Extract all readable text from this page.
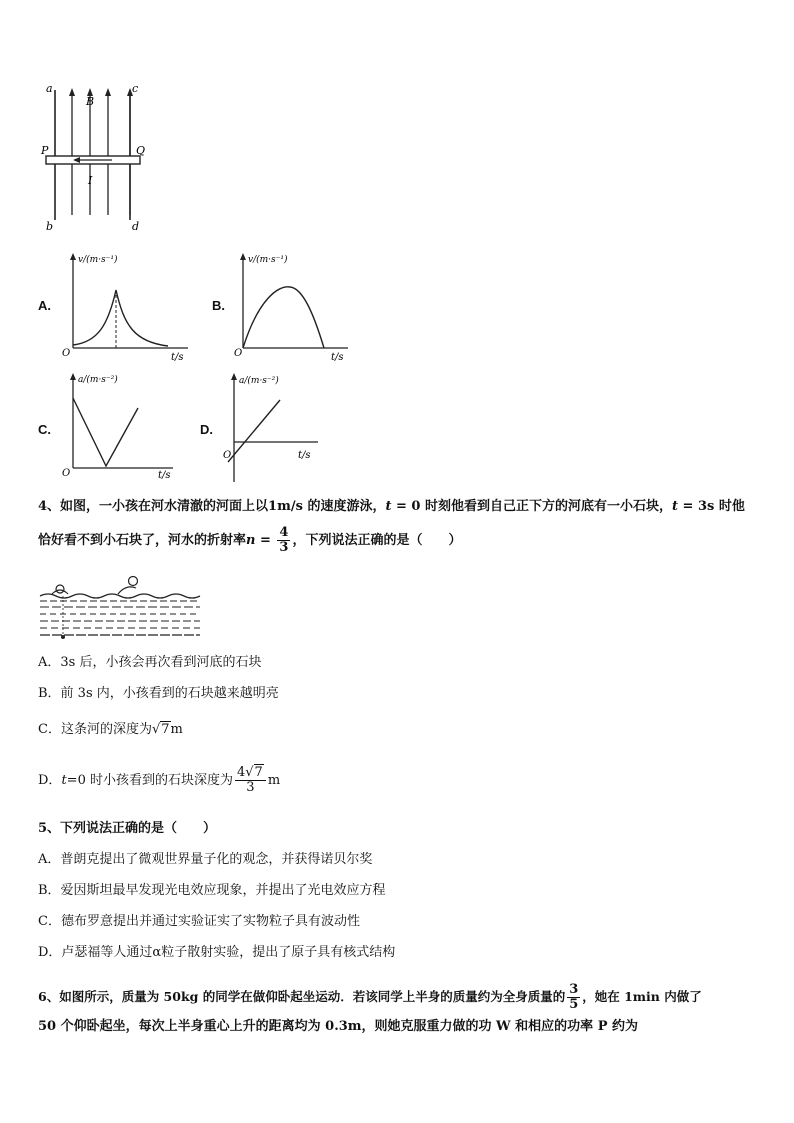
a
B
c
P	Q
I
b	d
A.
v/(m·s⁻¹)
O	t/s
B.
v/(m·s⁻¹)
O	t/s
C.
a/(m·s⁻²)
O	t/s
D.
a/(m·s⁻²)
O	t/s
4、如图，一小孩在河水清澈的河面上以1m/s 的速度游泳，t = 0 时刻他看到自己正下方的河底有一小石块，t = 3s 时他
恰好看不到小石块了，河水的折射率$n = \frac{4}{3}$ ，下列说法正确的是（　　）
A．3s 后，小孩会再次看到河底的石块
B．前 3s 内，小孩看到的石块越来越明亮
C．这条河的深度为√7m
D．t=0 时小孩看到的石块深度为 $\frac{4√7}{3}$ m
5、下列说法正确的是（　　）
A．普朗克提出了微观世界量子化的观念，并获得诺贝尔奖
B．爱因斯坦最早发现光电效应现象，并提出了光电效应方程
C．德布罗意提出并通过实验证实了实物粒子具有波动性
D．卢瑟福等人通过α粒子散射实验，提出了原子具有核式结构
6、如图所示，质量为 50kg 的同学在做仰卧起坐运动．若该同学上半身的质量约为全身质量的 $\frac{3}{5}$ ，她在 1min 内做了
50 个仰卧起坐，每次上半身重心上升的距离均为 0.3m，则她克服重力做的功 W 和相应的功率 P 约为
